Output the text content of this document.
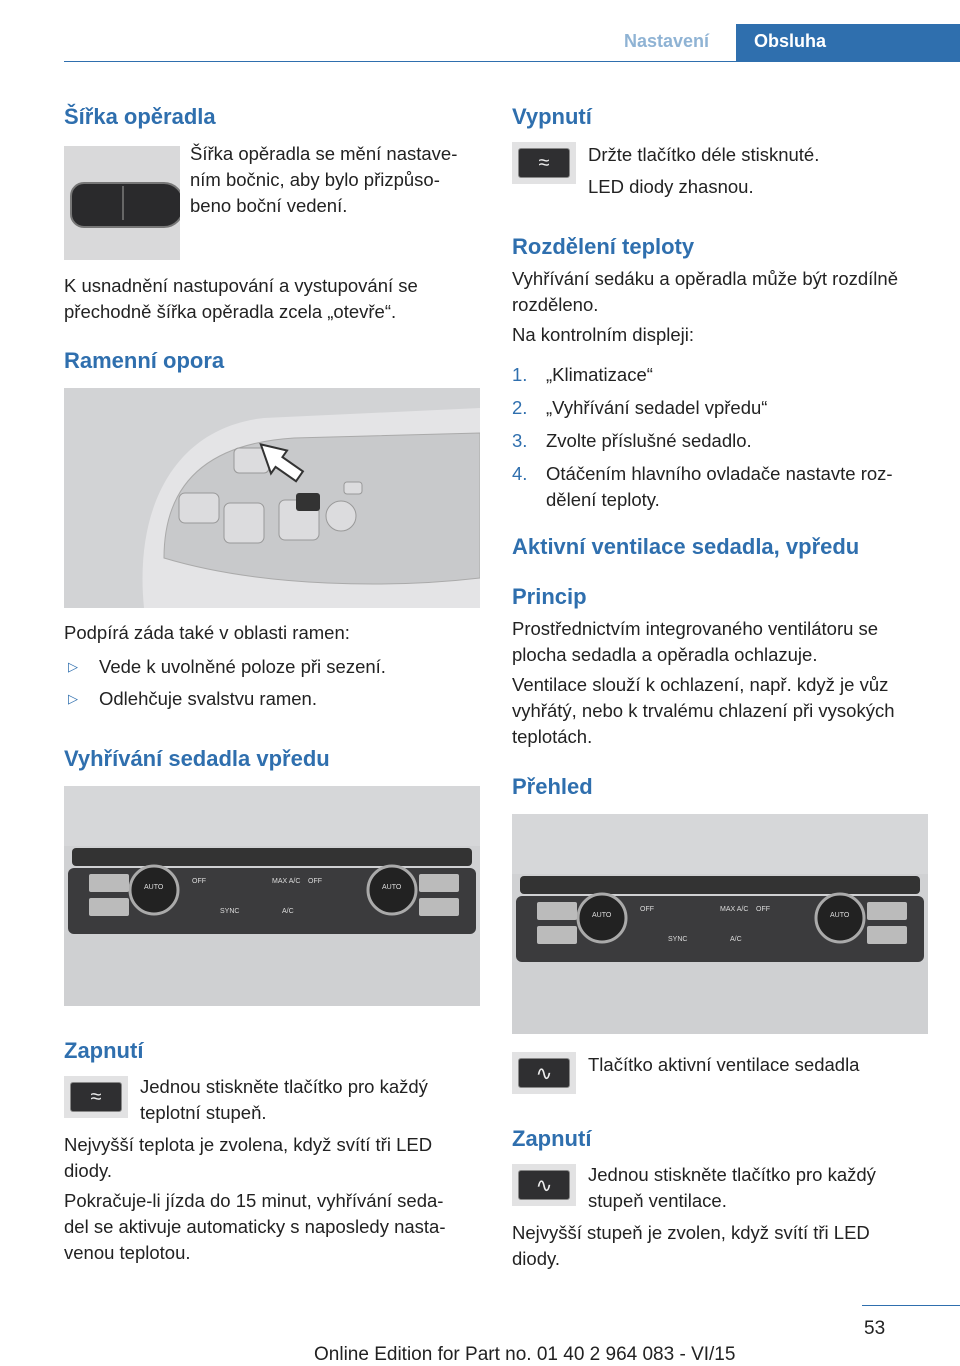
Nastavení	Obsluha
Šířka opěradla
Šířka opěradla se mění nastave-
ním bočnic, aby bylo přizpůso-
beno boční vedení.
K usnadnění nastupování a vystupování se
přechodně šířka opěradla zcela „otevře“.
Ramenní opora
Podpírá záda také v oblasti ramen:
▷ Vede k uvolněné poloze při sezení.
▷ Odlehčuje svalstvu ramen.
Vyhřívání sedadla vpředu
AUTO	AUTO
OFF	MAX A/C OFF
SYNC	A/C
Zapnutí
≈	Jednou stiskněte tlačítko pro každý
teplotní stupeň.
Nejvyšší teplota je zvolena, když svítí tři LED
diody.
Pokračuje-li jízda do 15 minut, vyhřívání seda-
del se aktivuje automaticky s naposledy nasta-
venou teplotou.
Vypnutí
≈	Držte tlačítko déle stisknuté.
LED diody zhasnou.
Rozdělení teploty
Vyhřívání sedáku a opěradla může být rozdílně
rozděleno.
Na kontrolním displeji:
1. „Klimatizace“
2. „Vyhřívání sedadel vpředu“
3. Zvolte příslušné sedadlo.
4. Otáčením hlavního ovladače nastavte roz-
dělení teploty.
Aktivní ventilace sedadla, vpředu
Princip
Prostřednictvím integrovaného ventilátoru se
plocha sedadla a opěradla ochlazuje.
Ventilace slouží k ochlazení, např. když je vůz
vyhřátý, nebo k trvalému chlazení při vysokých
teplotách.
Přehled
AUTO	AUTO
OFF	MAX A/C OFF
SYNC	A/C
∿	Tlačítko aktivní ventilace sedadla
Zapnutí
∿	Jednou stiskněte tlačítko pro každý
stupeň ventilace.
Nejvyšší stupeň je zvolen, když svítí tři LED
diody.
53
Online Edition for Part no. 01 40 2 964 083 - VI/15
